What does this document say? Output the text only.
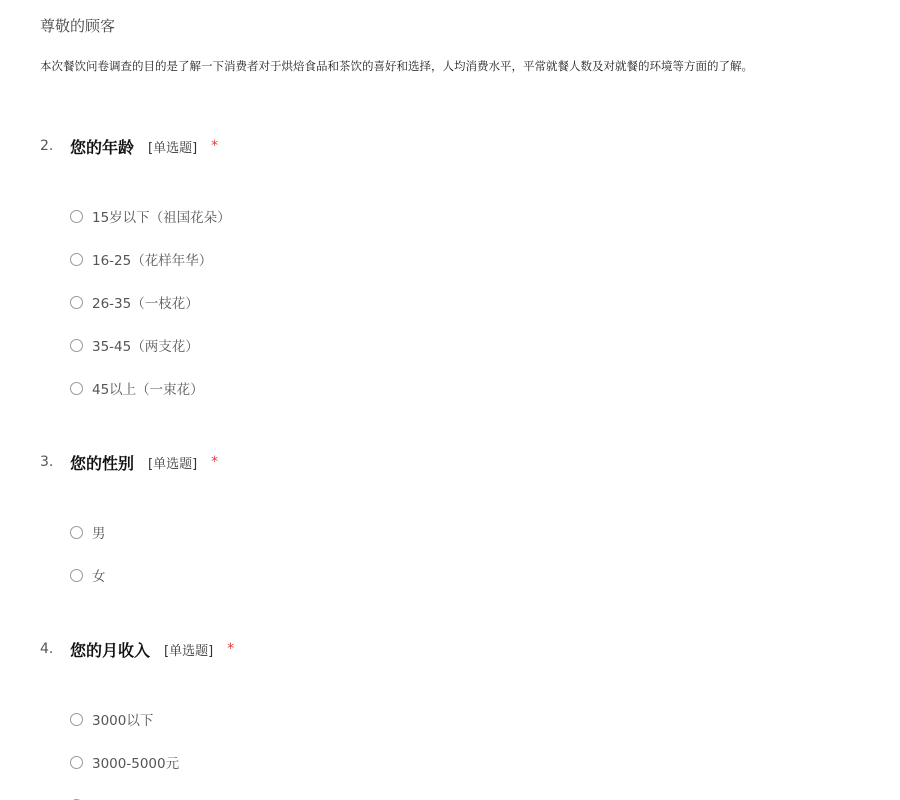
尊敬的顾客
本次餐饮问卷调查的目的是了解一下消费者对于烘焙食品和茶饮的喜好和选择，人均消费水平，平常就餐人数及对就餐的环境等方面的了解。
2.	您的年龄 [单选题] *
15岁以下（祖国花朵）
16-25（花样年华）
26-35（一枝花）
35-45（两支花）
45以上（一束花）
3.	您的性别 [单选题] *
男
女
4.	您的月收入 [单选题] *
3000以下
3000-5000元
